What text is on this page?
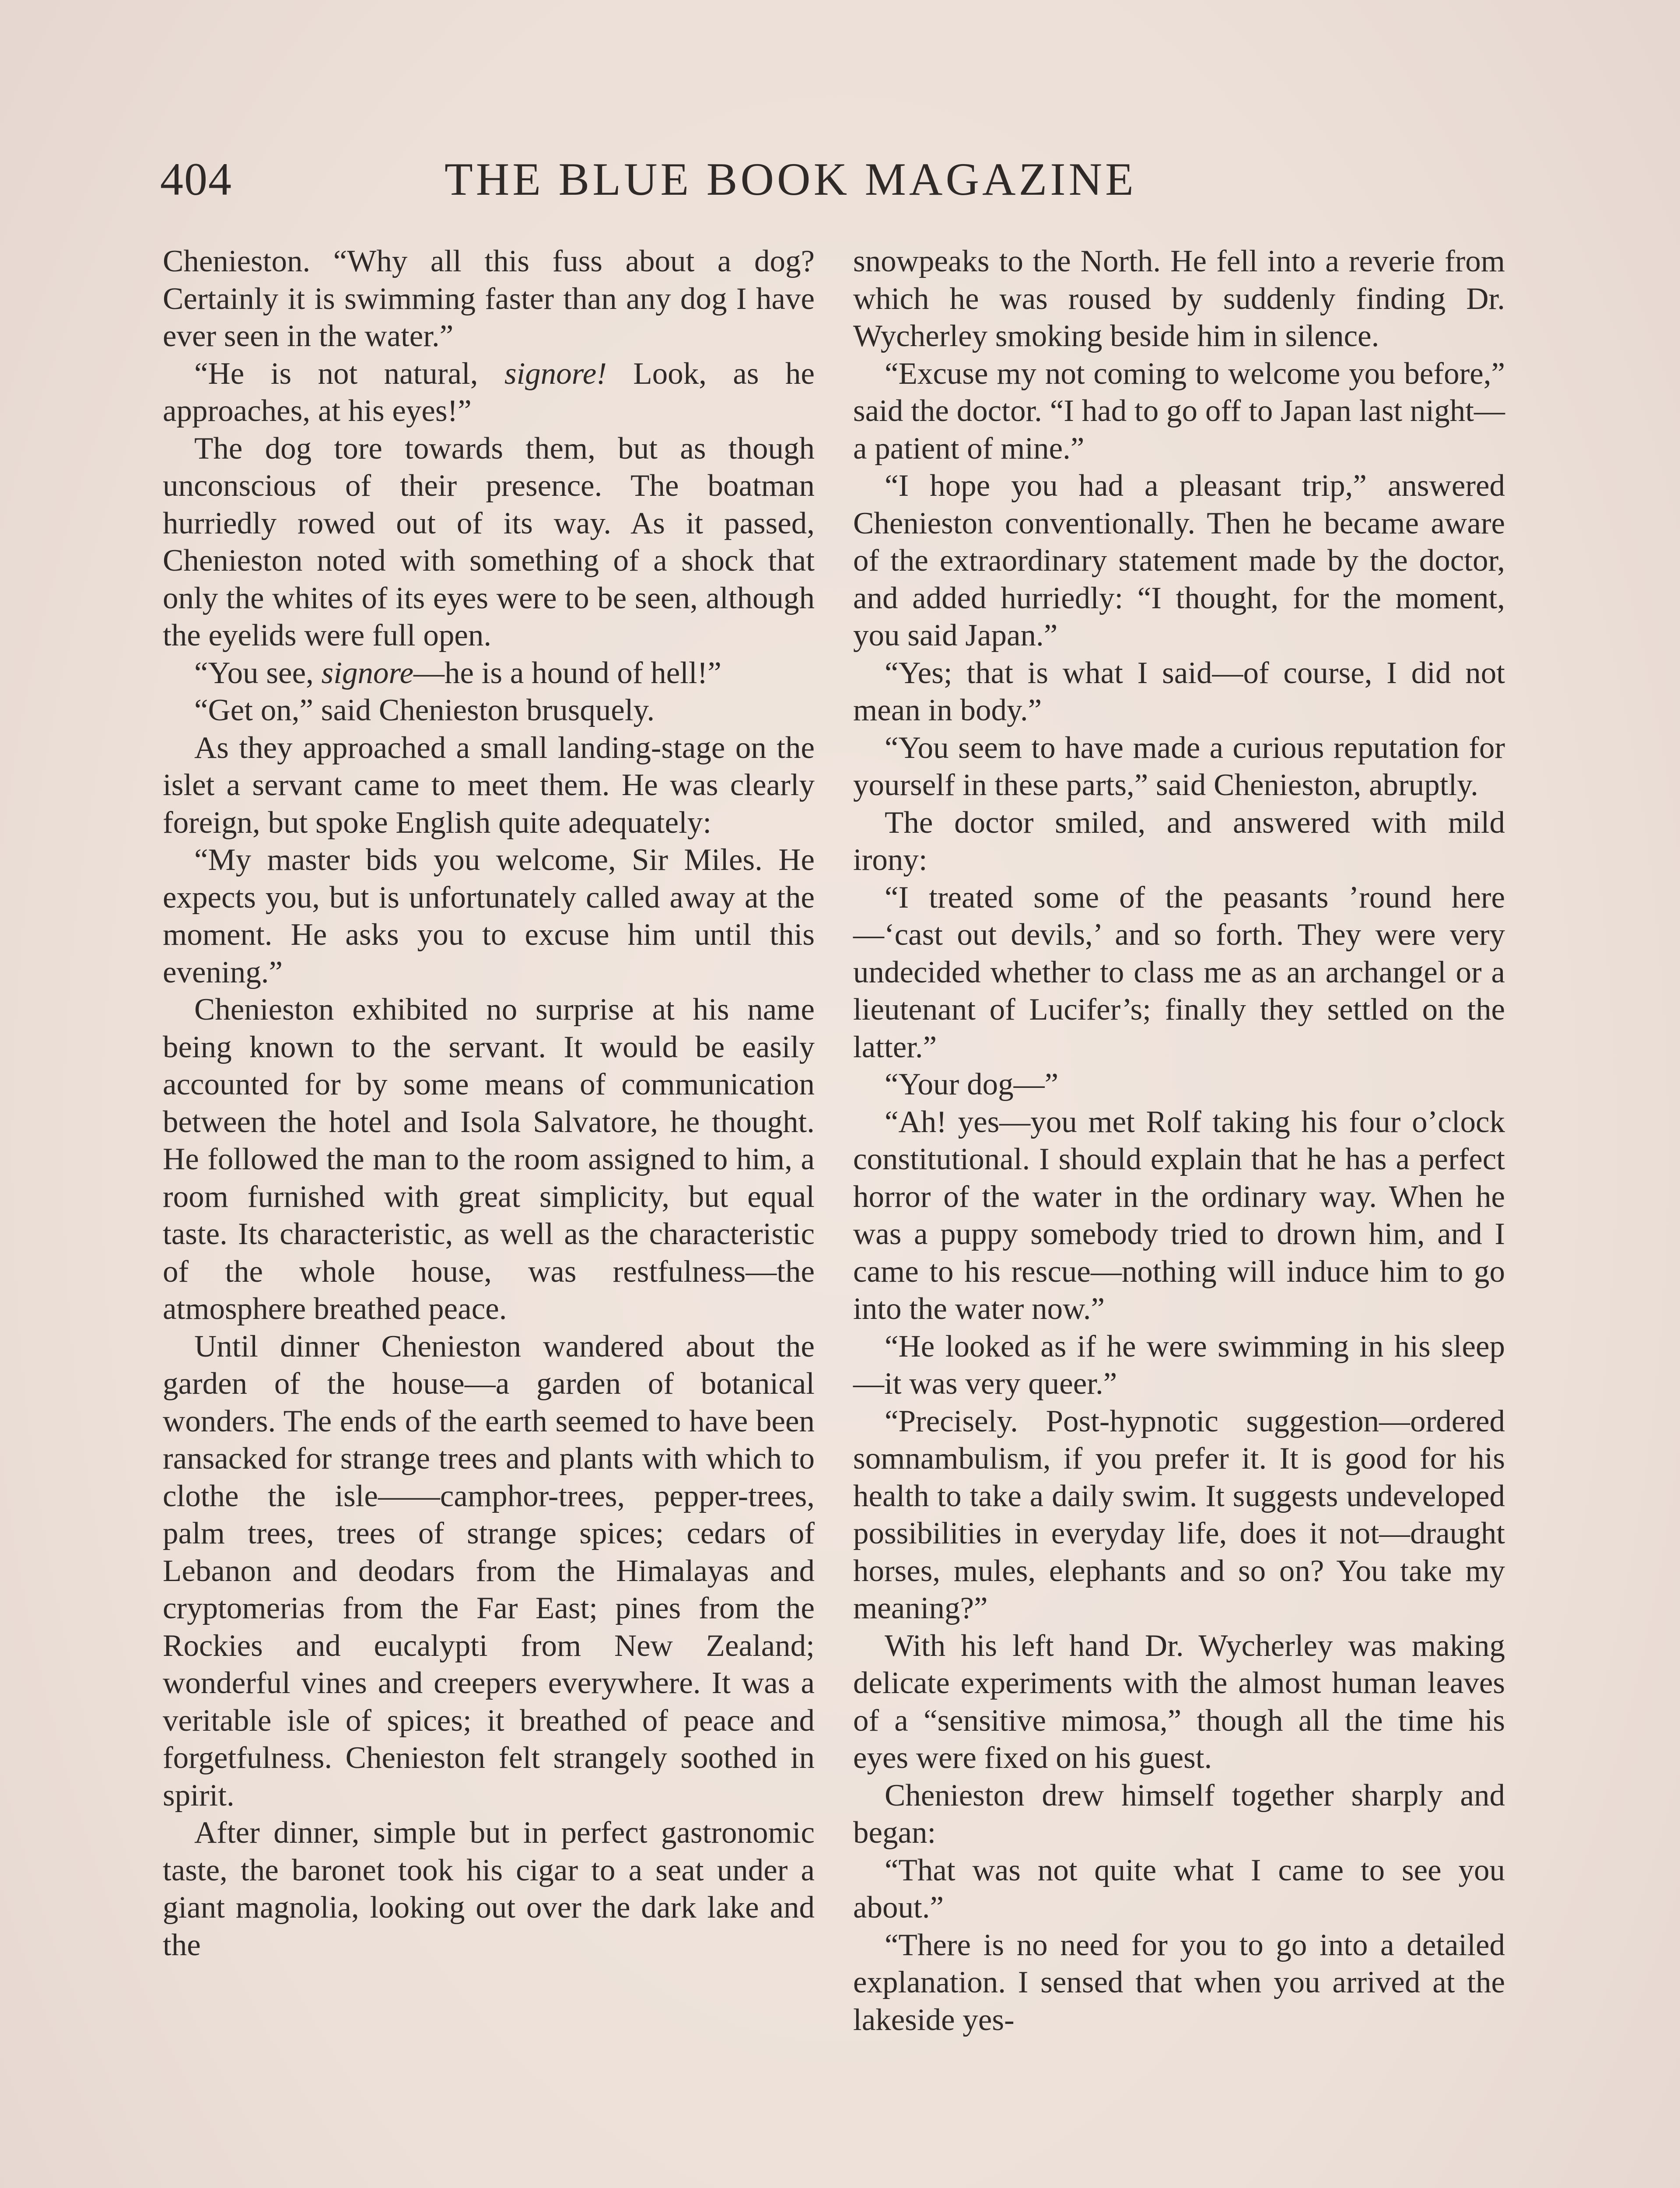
404	THE BLUE BOOK MAGAZINE

Chenieston. “Why all this fuss about a dog? Certainly it is swimming faster than any dog I have ever seen in the water.”

“He is not natural, signore! Look, as he approaches, at his eyes!”

The dog tore towards them, but as though unconscious of their presence. The boatman hurriedly rowed out of its way. As it passed, Chenieston noted with something of a shock that only the whites of its eyes were to be seen, although the eyelids were full open.

“You see, signore—he is a hound of hell!”

“Get on,” said Chenieston brusquely.

As they approached a small landing-stage on the islet a servant came to meet them. He was clearly foreign, but spoke English quite adequately:

“My master bids you welcome, Sir Miles. He expects you, but is unfortunately called away at the moment. He asks you to excuse him until this evening.”

Chenieston exhibited no surprise at his name being known to the servant. It would be easily accounted for by some means of communication between the hotel and Isola Salvatore, he thought. He followed the man to the room assigned to him, a room furnished with great simplicity, but equal taste. Its characteristic, as well as the characteristic of the whole house, was restfulness—the atmosphere breathed peace.

Until dinner Chenieston wandered about the garden of the house—a garden of botanical wonders. The ends of the earth seemed to have been ransacked for strange trees and plants with which to clothe the isle——camphor-trees, pepper-trees, palm trees, trees of strange spices; cedars of Lebanon and deodars from the Himalayas and cryptomerias from the Far East; pines from the Rockies and eucalypti from New Zealand; wonderful vines and creepers everywhere. It was a veritable isle of spices; it breathed of peace and forgetfulness. Chenieston felt strangely soothed in spirit.

After dinner, simple but in perfect gastronomic taste, the baronet took his cigar to a seat under a giant magnolia, looking out over the dark lake and the

snowpeaks to the North. He fell into a reverie from which he was roused by suddenly finding Dr. Wycherley smoking beside him in silence.

“Excuse my not coming to welcome you before,” said the doctor. “I had to go off to Japan last night—a patient of mine.”

“I hope you had a pleasant trip,” answered Chenieston conventionally. Then he became aware of the extraordinary statement made by the doctor, and added hurriedly: “I thought, for the moment, you said Japan.”

“Yes; that is what I said—of course, I did not mean in body.”

“You seem to have made a curious reputation for yourself in these parts,” said Chenieston, abruptly.

The doctor smiled, and answered with mild irony:

“I treated some of the peasants ’round here—‘cast out devils,’ and so forth. They were very undecided whether to class me as an archangel or a lieutenant of Lucifer’s; finally they settled on the latter.”

“Your dog—”

“Ah! yes—you met Rolf taking his four o’clock constitutional. I should explain that he has a perfect horror of the water in the ordinary way. When he was a puppy somebody tried to drown him, and I came to his rescue—nothing will induce him to go into the water now.”

“He looked as if he were swimming in his sleep—it was very queer.”

“Precisely. Post-hypnotic suggestion—ordered somnambulism, if you prefer it. It is good for his health to take a daily swim. It suggests undeveloped possibilities in everyday life, does it not—draught horses, mules, elephants and so on? You take my meaning?”

With his left hand Dr. Wycherley was making delicate experiments with the almost human leaves of a “sensitive mimosa,” though all the time his eyes were fixed on his guest.

Chenieston drew himself together sharply and began:

“That was not quite what I came to see you about.”

“There is no need for you to go into a detailed explanation. I sensed that when you arrived at the lakeside yes-
